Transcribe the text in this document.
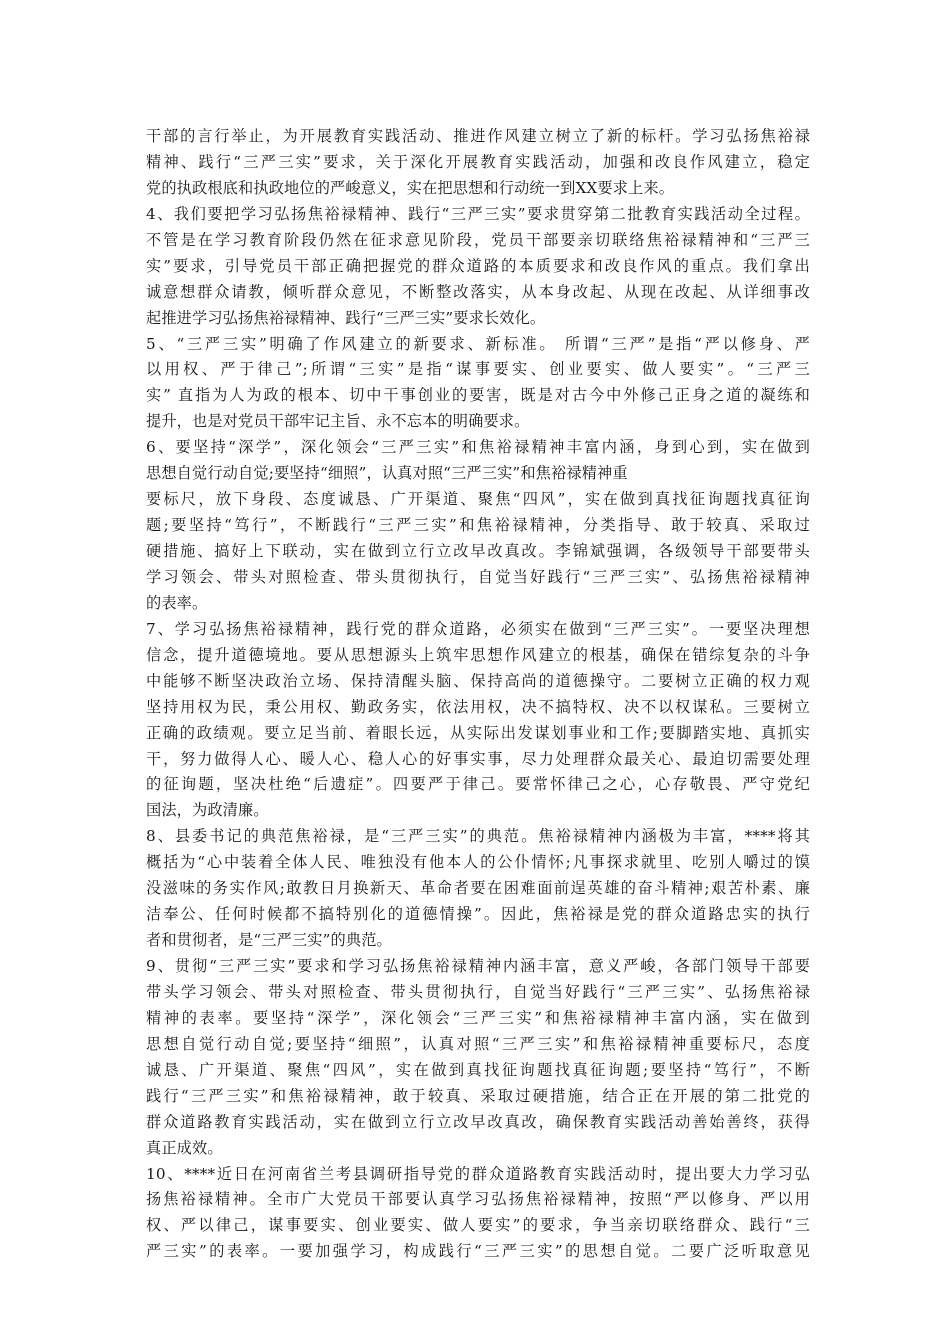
干部的言行举止，为开展教育实践活动、推进作风建立树立了新的标杆。学习弘扬焦裕禄
精神、践行“三严三实”要求，关于深化开展教育实践活动，加强和改良作风建立，稳定
党的执政根底和执政地位的严峻意义，实在把思想和行动统一到XX要求上来。
4、我们要把学习弘扬焦裕禄精神、践行“三严三实”要求贯穿第二批教育实践活动全过程。
不管是在学习教育阶段仍然在征求意见阶段，党员干部要亲切联络焦裕禄精神和“三严三
实”要求，引导党员干部正确把握党的群众道路的本质要求和改良作风的重点。我们拿出
诚意想群众请教，倾听群众意见，不断整改落实，从本身改起、从现在改起、从详细事改
起推进学习弘扬焦裕禄精神、践行“三严三实”要求长效化。
5、“三严三实”明确了作风建立的新要求、新标准。 所谓“三严”是指“严以修身、严
以用权、严于律己”;所谓“三实”是指“谋事要实、创业要实、做人要实”。“三严三
实” 直指为人为政的根本、切中干事创业的要害，既是对古今中外修己正身之道的凝练和
提升，也是对党员干部牢记主旨、永不忘本的明确要求。
6、要坚持“深学”，深化领会“三严三实”和焦裕禄精神丰富内涵，身到心到，实在做到
思想自觉行动自觉;要坚持“细照”，认真对照“三严三实”和焦裕禄精神重
要标尺，放下身段、态度诚恳、广开渠道、聚焦“四风”，实在做到真找征询题找真征询
题;要坚持“笃行”，不断践行“三严三实”和焦裕禄精神，分类指导、敢于较真、采取过
硬措施、搞好上下联动，实在做到立行立改早改真改。李锦斌强调，各级领导干部要带头
学习领会、带头对照检查、带头贯彻执行，自觉当好践行“三严三实”、弘扬焦裕禄精神
的表率。
7、学习弘扬焦裕禄精神，践行党的群众道路，必须实在做到“三严三实”。一要坚决理想
信念，提升道德境地。要从思想源头上筑牢思想作风建立的根基，确保在错综复杂的斗争
中能够不断坚决政治立场、保持清醒头脑、保持高尚的道德操守。二要树立正确的权力观
坚持用权为民，秉公用权、勤政务实，依法用权，决不搞特权、决不以权谋私。三要树立
正确的政绩观。要立足当前、着眼长远，从实际出发谋划事业和工作;要脚踏实地、真抓实
干，努力做得人心、暖人心、稳人心的好事实事，尽力处理群众最关心、最迫切需要处理
的征询题，坚决杜绝“后遗症”。四要严于律己。要常怀律己之心，心存敬畏、严守党纪
国法，为政清廉。
8、县委书记的典范焦裕禄，是“三严三实”的典范。焦裕禄精神内涵极为丰富，****将其
概括为“心中装着全体人民、唯独没有他本人的公仆情怀;凡事探求就里、吃别人嚼过的馍
没滋味的务实作风;敢教日月换新天、革命者要在困难面前逞英雄的奋斗精神;艰苦朴素、廉
洁奉公、任何时候都不搞特别化的道德情操”。因此，焦裕禄是党的群众道路忠实的执行
者和贯彻者，是“三严三实”的典范。
9、贯彻“三严三实”要求和学习弘扬焦裕禄精神内涵丰富，意义严峻，各部门领导干部要
带头学习领会、带头对照检查、带头贯彻执行，自觉当好践行“三严三实”、弘扬焦裕禄
精神的表率。要坚持“深学”，深化领会“三严三实”和焦裕禄精神丰富内涵，实在做到
思想自觉行动自觉;要坚持“细照”，认真对照“三严三实”和焦裕禄精神重要标尺，态度
诚恳、广开渠道、聚焦“四风”，实在做到真找征询题找真征询题;要坚持“笃行”，不断
践行“三严三实”和焦裕禄精神，敢于较真、采取过硬措施，结合正在开展的第二批党的
群众道路教育实践活动，实在做到立行立改早改真改，确保教育实践活动善始善终，获得
真正成效。
10、****近日在河南省兰考县调研指导党的群众道路教育实践活动时，提出要大力学习弘
扬焦裕禄精神。全市广大党员干部要认真学习弘扬焦裕禄精神，按照“严以修身、严以用
权、严以律己，谋事要实、创业要实、做人要实”的要求，争当亲切联络群众、践行“三
严三实”的表率。一要加强学习，构成践行“三严三实”的思想自觉。二要广泛听取意见
